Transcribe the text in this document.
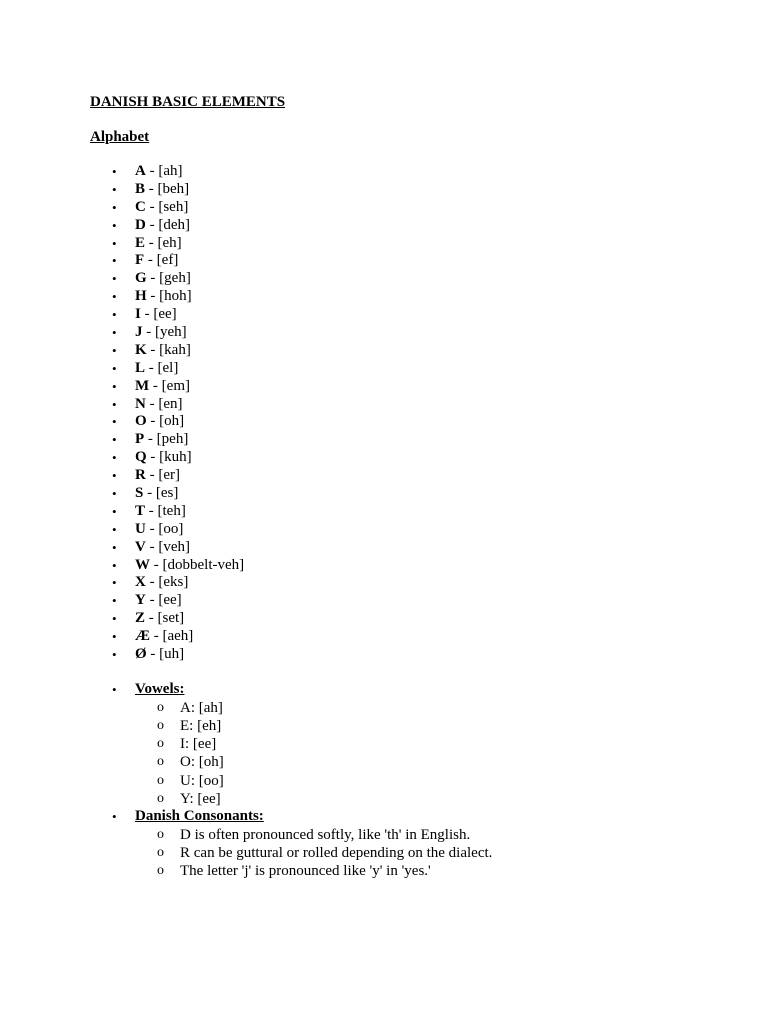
DANISH BASIC ELEMENTS
Alphabet
• A - [ah]
• B - [beh]
• C - [seh]
• D - [deh]
• E - [eh]
• F - [ef]
• G - [geh]
• H - [hoh]
• I - [ee]
• J - [yeh]
• K - [kah]
• L - [el]
• M - [em]
• N - [en]
• O - [oh]
• P - [peh]
• Q - [kuh]
• R - [er]
• S - [es]
• T - [teh]
• U - [oo]
• V - [veh]
• W - [dobbelt-veh]
• X - [eks]
• Y - [ee]
• Z - [set]
• Æ - [aeh]
• Ø - [uh]
• Vowels:
o A: [ah]
o E: [eh]
o I: [ee]
o O: [oh]
o U: [oo]
o Y: [ee]
• Danish Consonants:
o D is often pronounced softly, like 'th' in English.
o R can be guttural or rolled depending on the dialect.
o The letter 'j' is pronounced like 'y' in 'yes.'
